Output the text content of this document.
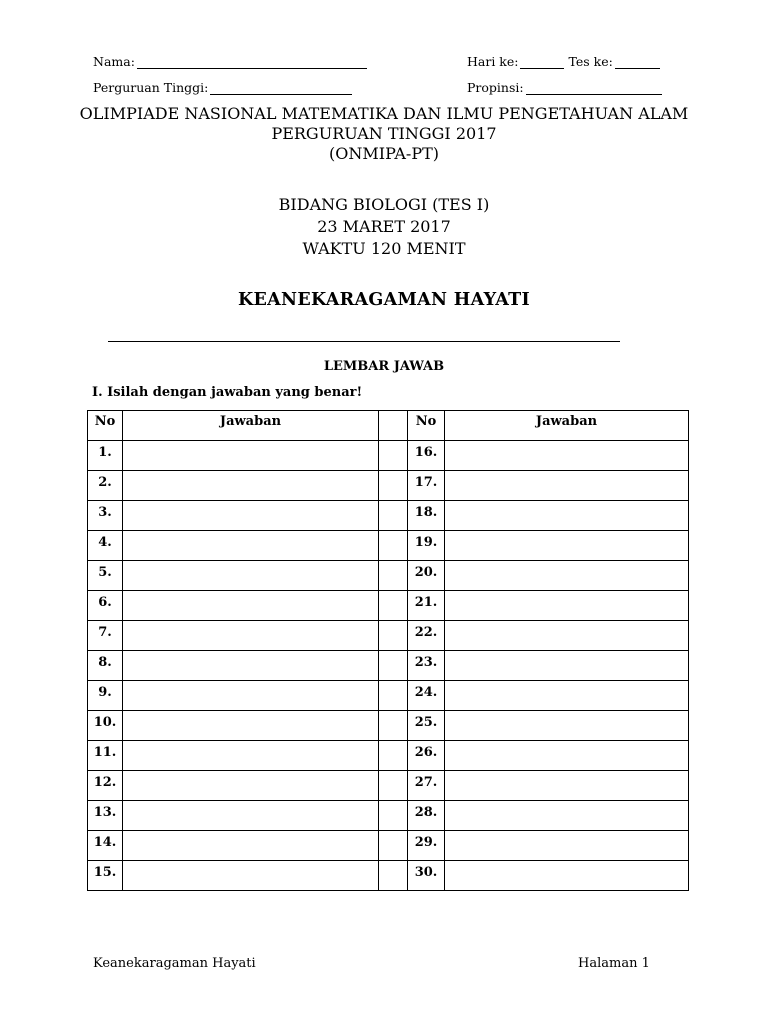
Nama:	Hari ke:	Tes ke:
Perguruan Tinggi:	Propinsi:
OLIMPIADE NASIONAL MATEMATIKA DAN ILMU PENGETAHUAN ALAM
PERGURUAN TINGGI 2017
(ONMIPA-PT)
BIDANG BIOLOGI (TES I)
23 MARET 2017
WAKTU 120 MENIT
KEANEKARAGAMAN HAYATI
LEMBAR JAWAB
I. Isilah dengan jawaban yang benar!
No	Jawaban		No	Jawaban
1.			16.	
2.			17.	
3.			18.	
4.			19.	
5.			20.	
6.			21.	
7.			22.	
8.			23.	
9.			24.	
10.			25.	
11.			26.	
12.			27.	
13.			28.	
14.			29.	
15.			30.	
Keanekaragaman Hayati	Halaman 1
